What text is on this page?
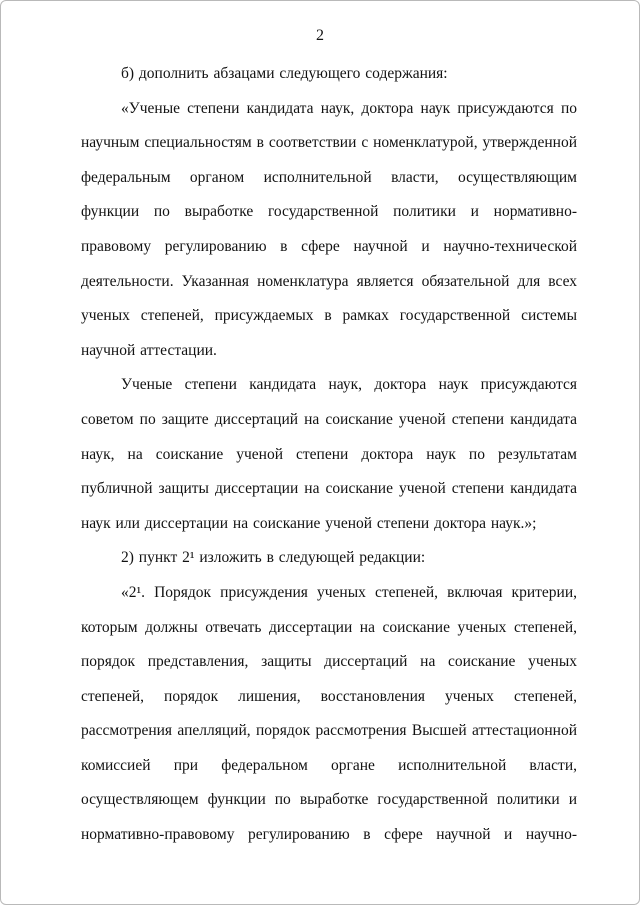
2

б) дополнить абзацами следующего содержания:

«Ученые степени кандидата наук, доктора наук присуждаются по научным специальностям в соответствии с номенклатурой, утвержденной федеральным органом исполнительной власти, осуществляющим функции по выработке государственной политики и нормативно-правовому регулированию в сфере научной и научно-технической деятельности. Указанная номенклатура является обязательной для всех ученых степеней, присуждаемых в рамках государственной системы научной аттестации.

Ученые степени кандидата наук, доктора наук присуждаются советом по защите диссертаций на соискание ученой степени кандидата наук, на соискание ученой степени доктора наук по результатам публичной защиты диссертации на соискание ученой степени кандидата наук или диссертации на соискание ученой степени доктора наук.»;

2) пункт 2¹ изложить в следующей редакции:

«2¹. Порядок присуждения ученых степеней, включая критерии, которым должны отвечать диссертации на соискание ученых степеней, порядок представления, защиты диссертаций на соискание ученых степеней, порядок лишения, восстановления ученых степеней, рассмотрения апелляций, порядок рассмотрения Высшей аттестационной комиссией при федеральном органе исполнительной власти, осуществляющем функции по выработке государственной политики и нормативно-правовому регулированию в сфере научной и научно-
